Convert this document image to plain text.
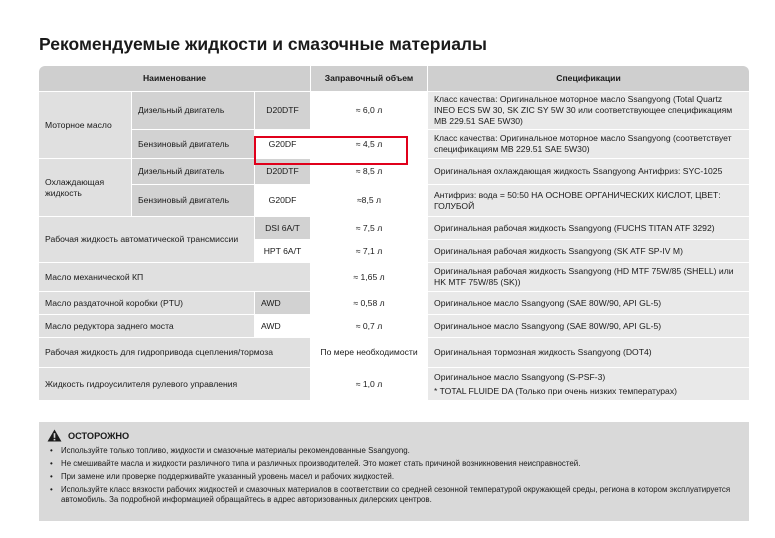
Рекомендуемые жидкости и смазочные материалы
Наименование			Заправочный объем	Спецификации
Моторное масло	Дизельный двигатель	D20DTF	≈ 6,0 л	Класс качества: Оригинальное моторное масло Ssangyong (Total Quartz INEO ECS 5W 30, SK ZIC SY 5W 30 или соответствующее спецификациям MB 229.51 SAE 5W30)
	Бензиновый двигатель	G20DF	≈ 4,5 л	Класс качества: Оригинальное моторное масло Ssangyong (соответствует спецификациям MB 229.51 SAE 5W30)
Охлаждающая жидкость	Дизельный двигатель	D20DTF	≈ 8,5 л	Оригинальная охлаждающая жидкость Ssangyong Антифриз: SYC-1025
	Бензиновый двигатель	G20DF	≈8,5 л	Антифриз: вода = 50:50 НА ОСНОВЕ ОРГАНИЧЕСКИХ КИСЛОТ, ЦВЕТ: ГОЛУБОЙ
Рабочая жидкость автоматической трансмиссии		DSI 6A/T	≈ 7,5 л	Оригинальная рабочая жидкость Ssangyong (FUCHS TITAN ATF 3292)
		HPT 6A/T	≈ 7,1 л	Оригинальная рабочая жидкость Ssangyong (SK ATF SP-IV M)
Масло механической КП			≈ 1,65 л	Оригинальная рабочая жидкость Ssangyong (HD MTF 75W/85 (SHELL) или HK MTF 75W/85 (SK))
Масло раздаточной коробки (PTU)		AWD	≈ 0,58 л	Оригинальное масло Ssangyong (SAE 80W/90, API GL-5)
Масло редуктора заднего моста		AWD	≈ 0,7 л	Оригинальное масло Ssangyong (SAE 80W/90, API GL-5)
Рабочая жидкость для гидропривода сцепления/тормоза			По мере необходимости	Оригинальная тормозная жидкость Ssangyong (DOT4)
Жидкость гидроусилителя рулевого управления			≈ 1,0 л	Оригинальное масло Ssangyong (S-PSF-3)
* TOTAL FLUIDE DA (Только при очень низких температурах)
ОСТОРОЖНО
• Используйте только топливо, жидкости и смазочные материалы рекомендованные Ssangyong.
• Не смешивайте масла и жидкости различного типа и различных производителей. Это может стать причиной возникновения неисправностей.
• При замене или проверке поддерживайте указанный уровень масел и рабочих жидкостей.
• Используйте класс вязкости рабочих жидкостей и смазочных материалов в соответствии со средней сезонной температурой окружающей среды, региона в котором эксплуатируется автомобиль. За подробной информацией обращайтесь в адрес авторизованных дилерских центров.
